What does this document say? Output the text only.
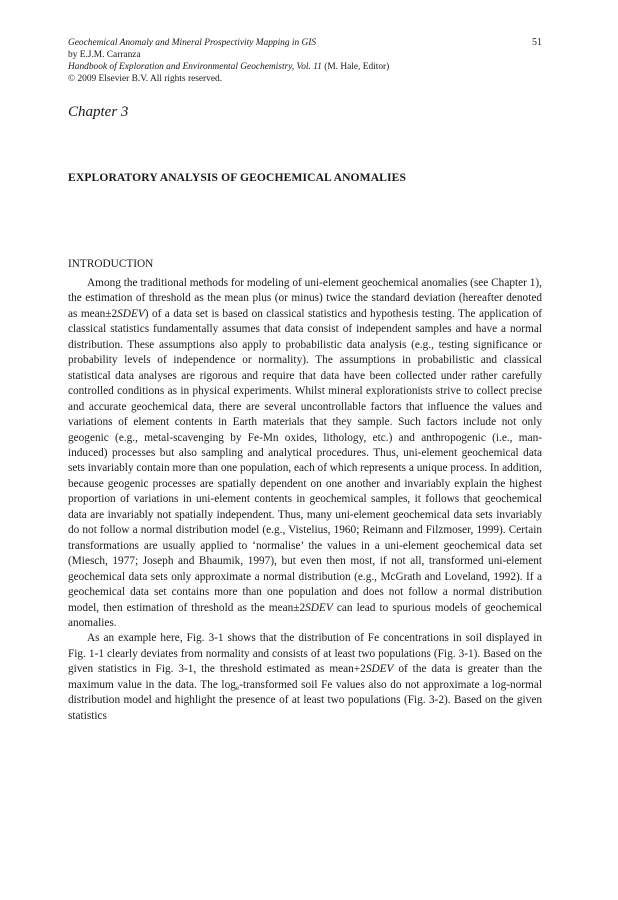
Geochemical Anomaly and Mineral Prospectivity Mapping in GIS
by E.J.M. Carranza
Handbook of Exploration and Environmental Geochemistry, Vol. 11 (M. Hale, Editor)
© 2009 Elsevier B.V. All rights reserved.
51
Chapter 3
EXPLORATORY ANALYSIS OF GEOCHEMICAL ANOMALIES
INTRODUCTION

Among the traditional methods for modeling of uni-element geochemical anomalies (see Chapter 1), the estimation of threshold as the mean plus (or minus) twice the standard deviation (hereafter denoted as mean±2SDEV) of a data set is based on classical statistics and hypothesis testing. The application of classical statistics fundamentally assumes that data consist of independent samples and have a normal distribution. These assumptions also apply to probabilistic data analysis (e.g., testing significance or probability levels of independence or normality). The assumptions in probabilistic and classical statistical data analyses are rigorous and require that data have been collected under rather carefully controlled conditions as in physical experiments. Whilst mineral explorationists strive to collect precise and accurate geochemical data, there are several uncontrollable factors that influence the values and variations of element contents in Earth materials that they sample. Such factors include not only geogenic (e.g., metal-scavenging by Fe-Mn oxides, lithology, etc.) and anthropogenic (i.e., man-induced) processes but also sampling and analytical procedures. Thus, uni-element geochemical data sets invariably contain more than one population, each of which represents a unique process. In addition, because geogenic processes are spatially dependent on one another and invariably explain the highest proportion of variations in uni-element contents in geochemical samples, it follows that geochemical data are invariably not spatially independent. Thus, many uni-element geochemical data sets invariably do not follow a normal distribution model (e.g., Vistelius, 1960; Reimann and Filzmoser, 1999). Certain transformations are usually applied to ‘normalise’ the values in a uni-element geochemical data set (Miesch, 1977; Joseph and Bhaumik, 1997), but even then most, if not all, transformed uni-element geochemical data sets only approximate a normal distribution (e.g., McGrath and Loveland, 1992). If a geochemical data set contains more than one population and does not follow a normal distribution model, then estimation of threshold as the mean±2SDEV can lead to spurious models of geochemical anomalies.

As an example here, Fig. 3-1 shows that the distribution of Fe concentrations in soil displayed in Fig. 1-1 clearly deviates from normality and consists of at least two populations (Fig. 3-1). Based on the given statistics in Fig. 3-1, the threshold estimated as mean+2SDEV of the data is greater than the maximum value in the data. The $\log_e$-transformed soil Fe values also do not approximate a log-normal distribution model and highlight the presence of at least two populations (Fig. 3-2). Based on the given statistics
